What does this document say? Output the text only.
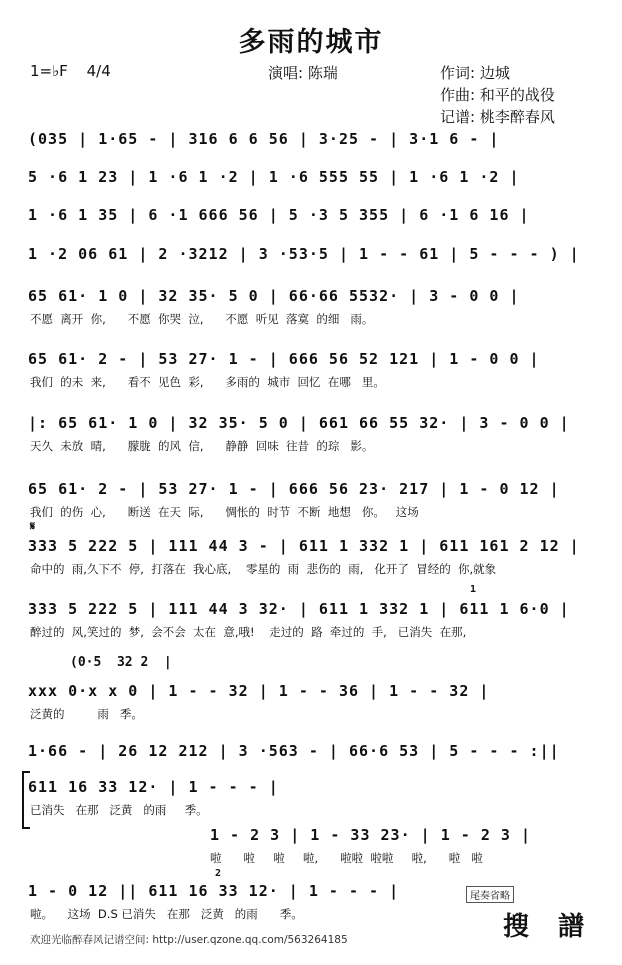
多雨的城市
1=♭F 4/4	演唱: 陈瑞	作词: 边城
作曲: 和平的战役
记谱: 桃李醉春风
(035 | 1·65 - | 316 6 6 56 | 3·25 - | 3·1 6 - |
5 ·6 1 23 | 1 ·6 1 ·2 | 1 ·6 555 55 | 1 ·6 1 ·2 |
1 ·6 1 35 | 6 ·1 666 56 | 5 ·3 5 355 | 6 ·1 6 16 |
1 ·2 06 61 | 2 ·3212 | 3 ·53·5 | 1 - - 61 | 5 - - - ) |
65 61· 1 0 | 32 35· 5 0 | 66·66 5532· | 3 - 0 0 |
不愿  离开  你,      不愿  你哭  泣,      不愿  听见  落寞  的细   雨。
65 61· 2 - | 53 27· 1 - | 666 56 52 121 | 1 - 0 0 |
我们  的未  来,      看不  见色  彩,      多雨的  城市  回忆  在哪   里。
|: 65 61· 1 0 | 32 35· 5 0 | 661 66 55 32· | 3 - 0 0 |
天久  未放  晴,      朦胧  的风  信,      静静  回味  往昔  的琮   影。
65 61· 2 - | 53 27· 1 - | 666 56 23· 217 | 1 - 0 12 |
我们  的伤  心,      断送  在天  际,      惆怅的  时节  不断  地想   你。   这场
𝄋
333 5 222 5 | 111 44 3 - | 611 1 332 1 | 611 161 2 12 |
命中的  雨,久下不  停,  打落在  我心底,    零星的  雨  悲伤的  雨,   化开了  冒经的  你,就象
1
333 5 222 5 | 111 44 3 32· | 611 1 332 1 | 611 1 6·0 |
醉过的  风,笑过的  梦,  会不会  太在  意,哦!    走过的  路  牵过的  手,   已消失  在那,
(0·5  32 2  |
xxx 0·x x 0 | 1 - - 32 | 1 - - 36 | 1 - - 32 |
泛黄的         雨   季。
1·66 - | 26 12 212 | 3 ·563 - | 66·6 53 | 5 - - - :||
611 16 33 12· | 1 - - - |
已消失   在那   泛黄   的雨     季。
1 - 2 3 | 1 - 33 23· | 1 - 2 3 |
啦      啦     啦     啦,      啦啦  啦啦     啦,      啦   啦
2
1 - 0 12 || 611 16 33 12· | 1 - - - |	尾奏省略
啦。    这场  D.S 已消失   在那   泛黄   的雨      季。
欢迎光临醉春风记谱空间: http://user.qzone.qq.com/563264185	搜 譜
